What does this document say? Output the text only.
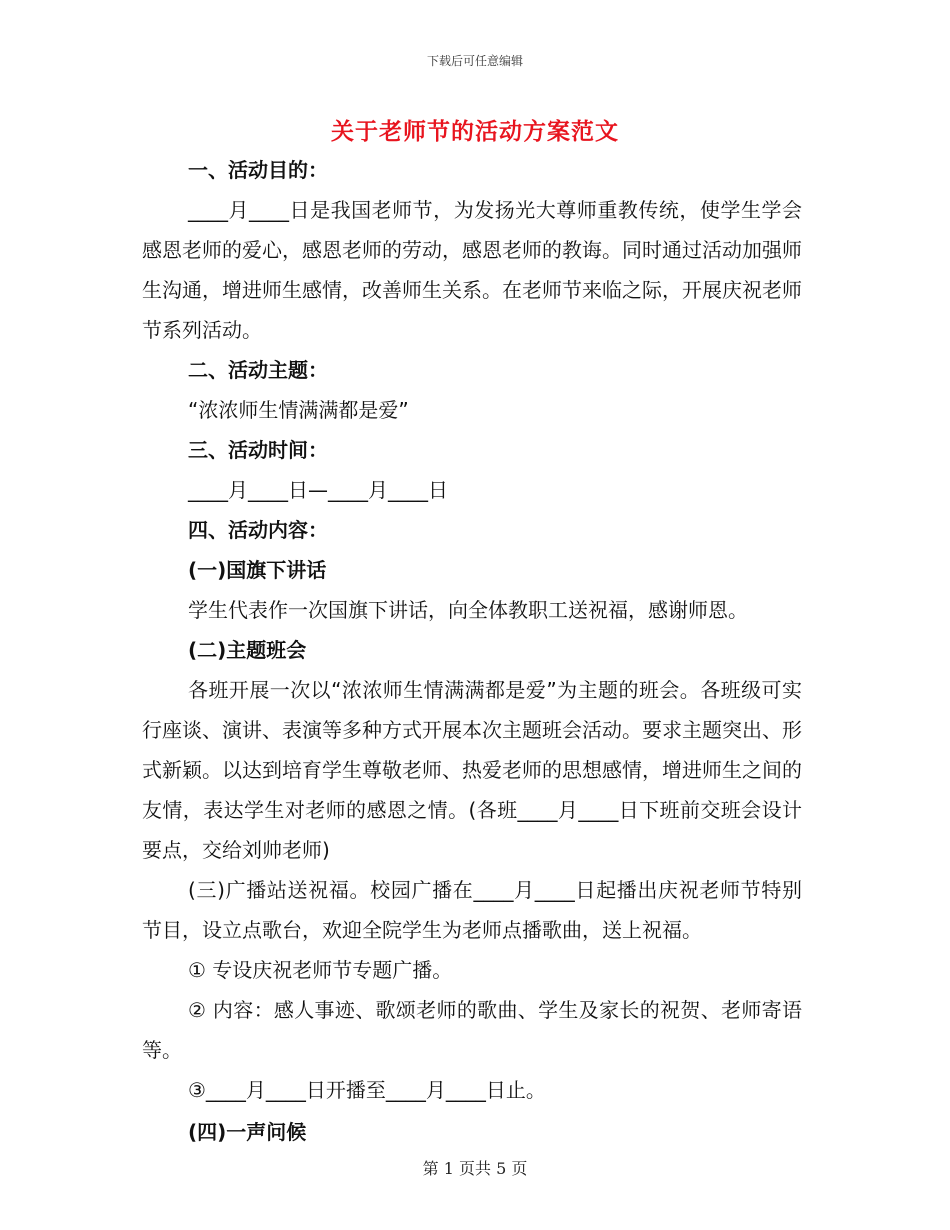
下载后可任意编辑
关于老师节的活动方案范文

一、活动目的：

____月____日是我国老师节，为发扬光大尊师重教传统，使学生学会感恩老师的爱心，感恩老师的劳动，感恩老师的教诲。同时通过活动加强师生沟通，增进师生感情，改善师生关系。在老师节来临之际，开展庆祝老师节系列活动。

二、活动主题：

“浓浓师生情满满都是爱”

三、活动时间：

____月____日—____月____日

四、活动内容：

(一)国旗下讲话

学生代表作一次国旗下讲话，向全体教职工送祝福，感谢师恩。

(二)主题班会

各班开展一次以“浓浓师生情满满都是爱”为主题的班会。各班级可实行座谈、演讲、表演等多种方式开展本次主题班会活动。要求主题突出、形式新颖。以达到培育学生尊敬老师、热爱老师的思想感情，增进师生之间的友情，表达学生对老师的感恩之情。(各班____月____日下班前交班会设计要点，交给刘帅老师)

(三)广播站送祝福。校园广播在____月____日起播出庆祝老师节特别节目，设立点歌台，欢迎全院学生为老师点播歌曲，送上祝福。

① 专设庆祝老师节专题广播。

② 内容：感人事迹、歌颂老师的歌曲、学生及家长的祝贺、老师寄语等。

③____月____日开播至____月____日止。

(四)一声问候

第 1 页共 5 页
